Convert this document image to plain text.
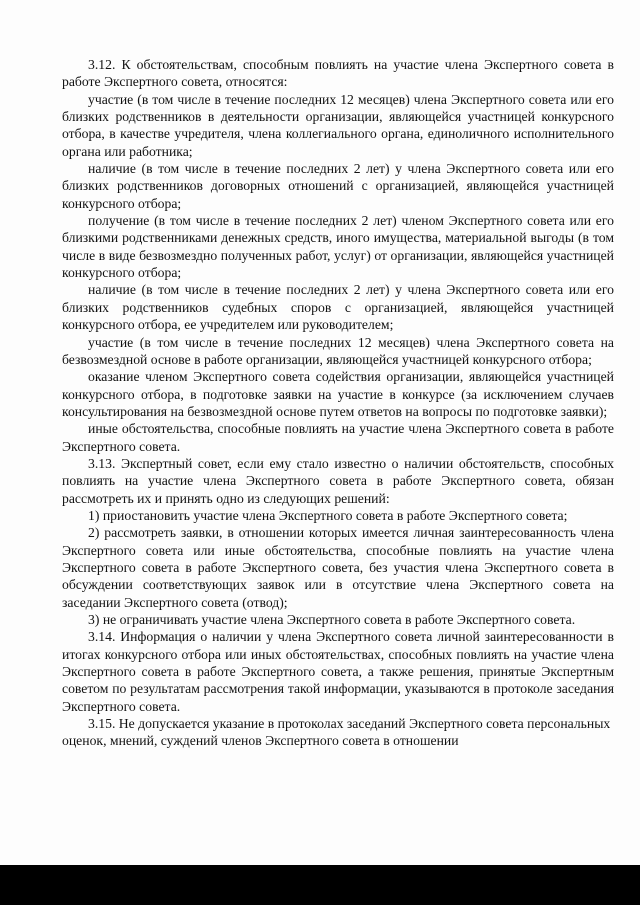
3.12. К обстоятельствам, способным повлиять на участие члена Экспертного совета в работе Экспертного совета, относятся:

участие (в том числе в течение последних 12 месяцев) члена Экспертного совета или его близких родственников в деятельности организации, являющейся участницей конкурсного отбора, в качестве учредителя, члена коллегиального органа, единоличного исполнительного органа или работника;

наличие (в том числе в течение последних 2 лет) у члена Экспертного совета или его близких родственников договорных отношений с организацией, являющейся участницей конкурсного отбора;

получение (в том числе в течение последних 2 лет) членом Экспертного совета или его близкими родственниками денежных средств, иного имущества, материальной выгоды (в том числе в виде безвозмездно полученных работ, услуг) от организации, являющейся участницей конкурсного отбора;

наличие (в том числе в течение последних 2 лет) у члена Экспертного совета или его близких родственников судебных споров с организацией, являющейся участницей конкурсного отбора, ее учредителем или руководителем;

участие (в том числе в течение последних 12 месяцев) члена Экспертного совета на безвозмездной основе в работе организации, являющейся участницей конкурсного отбора;

оказание членом Экспертного совета содействия организации, являющейся участницей конкурсного отбора, в подготовке заявки на участие в конкурсе (за исключением случаев консультирования на безвозмездной основе путем ответов на вопросы по подготовке заявки);

иные обстоятельства, способные повлиять на участие члена Экспертного совета в работе Экспертного совета.

3.13. Экспертный совет, если ему стало известно о наличии обстоятельств, способных повлиять на участие члена Экспертного совета в работе Экспертного совета, обязан рассмотреть их и принять одно из следующих решений:

1) приостановить участие члена Экспертного совета в работе Экспертного совета;

2) рассмотреть заявки, в отношении которых имеется личная заинтересованность члена Экспертного совета или иные обстоятельства, способные повлиять на участие члена Экспертного совета в работе Экспертного совета, без участия члена Экспертного совета в обсуждении соответствующих заявок или в отсутствие члена Экспертного совета на заседании Экспертного совета (отвод);

3) не ограничивать участие члена Экспертного совета в работе Экспертного совета.

3.14. Информация о наличии у члена Экспертного совета личной заинтересованности в итогах конкурсного отбора или иных обстоятельствах, способных повлиять на участие члена Экспертного совета в работе Экспертного совета, а также решения, принятые Экспертным советом по результатам рассмотрения такой информации, указываются в протоколе заседания Экспертного совета.

3.15. Не допускается указание в протоколах заседаний Экспертного совета персональных оценок, мнений, суждений членов Экспертного совета в отношении
